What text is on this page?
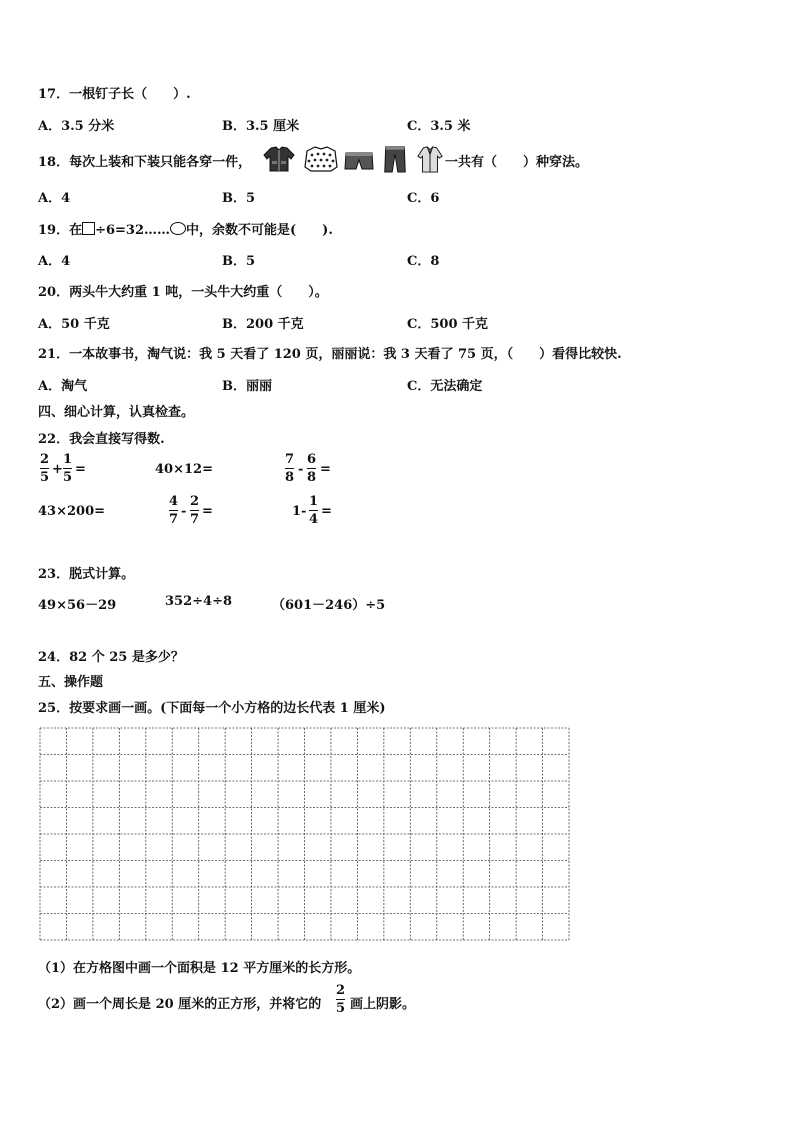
17．一根钉子长（　　）.
A．3.5 分米	B．3.5 厘米	C．3.5 米
18．每次上装和下装只能各穿一件，	一共有（　　）种穿法。
A．4	B．5	C．6
19．在 ÷6=32…… 中，余数不可能是(　　).
A．4	B．5	C．8
20．两头牛大约重 1 吨，一头牛大约重（　　）。
A．50 千克	B．200 千克	C．500 千克
21．一本故事书，淘气说：我 5 天看了 120 页，丽丽说：我 3 天看了 75 页，（　　）看得比较快.
A．淘气	B．丽丽	C．无法确定
四、细心计算，认真检查。
22．我会直接写得数.
2
5
+
1
5
=	40×12=
7
8
-
6
8
=
43×200=
4
7
-
2
7
=	1-
1
4
=
23．脱式计算。
49×56－29	352÷4÷8	（601－246）÷5
24．82 个 25 是多少？
五、操作题
25．按要求画一画。(下面每一个小方格的边长代表 1 厘米)
（1）在方格图中画一个面积是 12 平方厘米的长方形。
（2）画一个周长是 20 厘米的正方形，并将它的
2
5 画上阴影。
